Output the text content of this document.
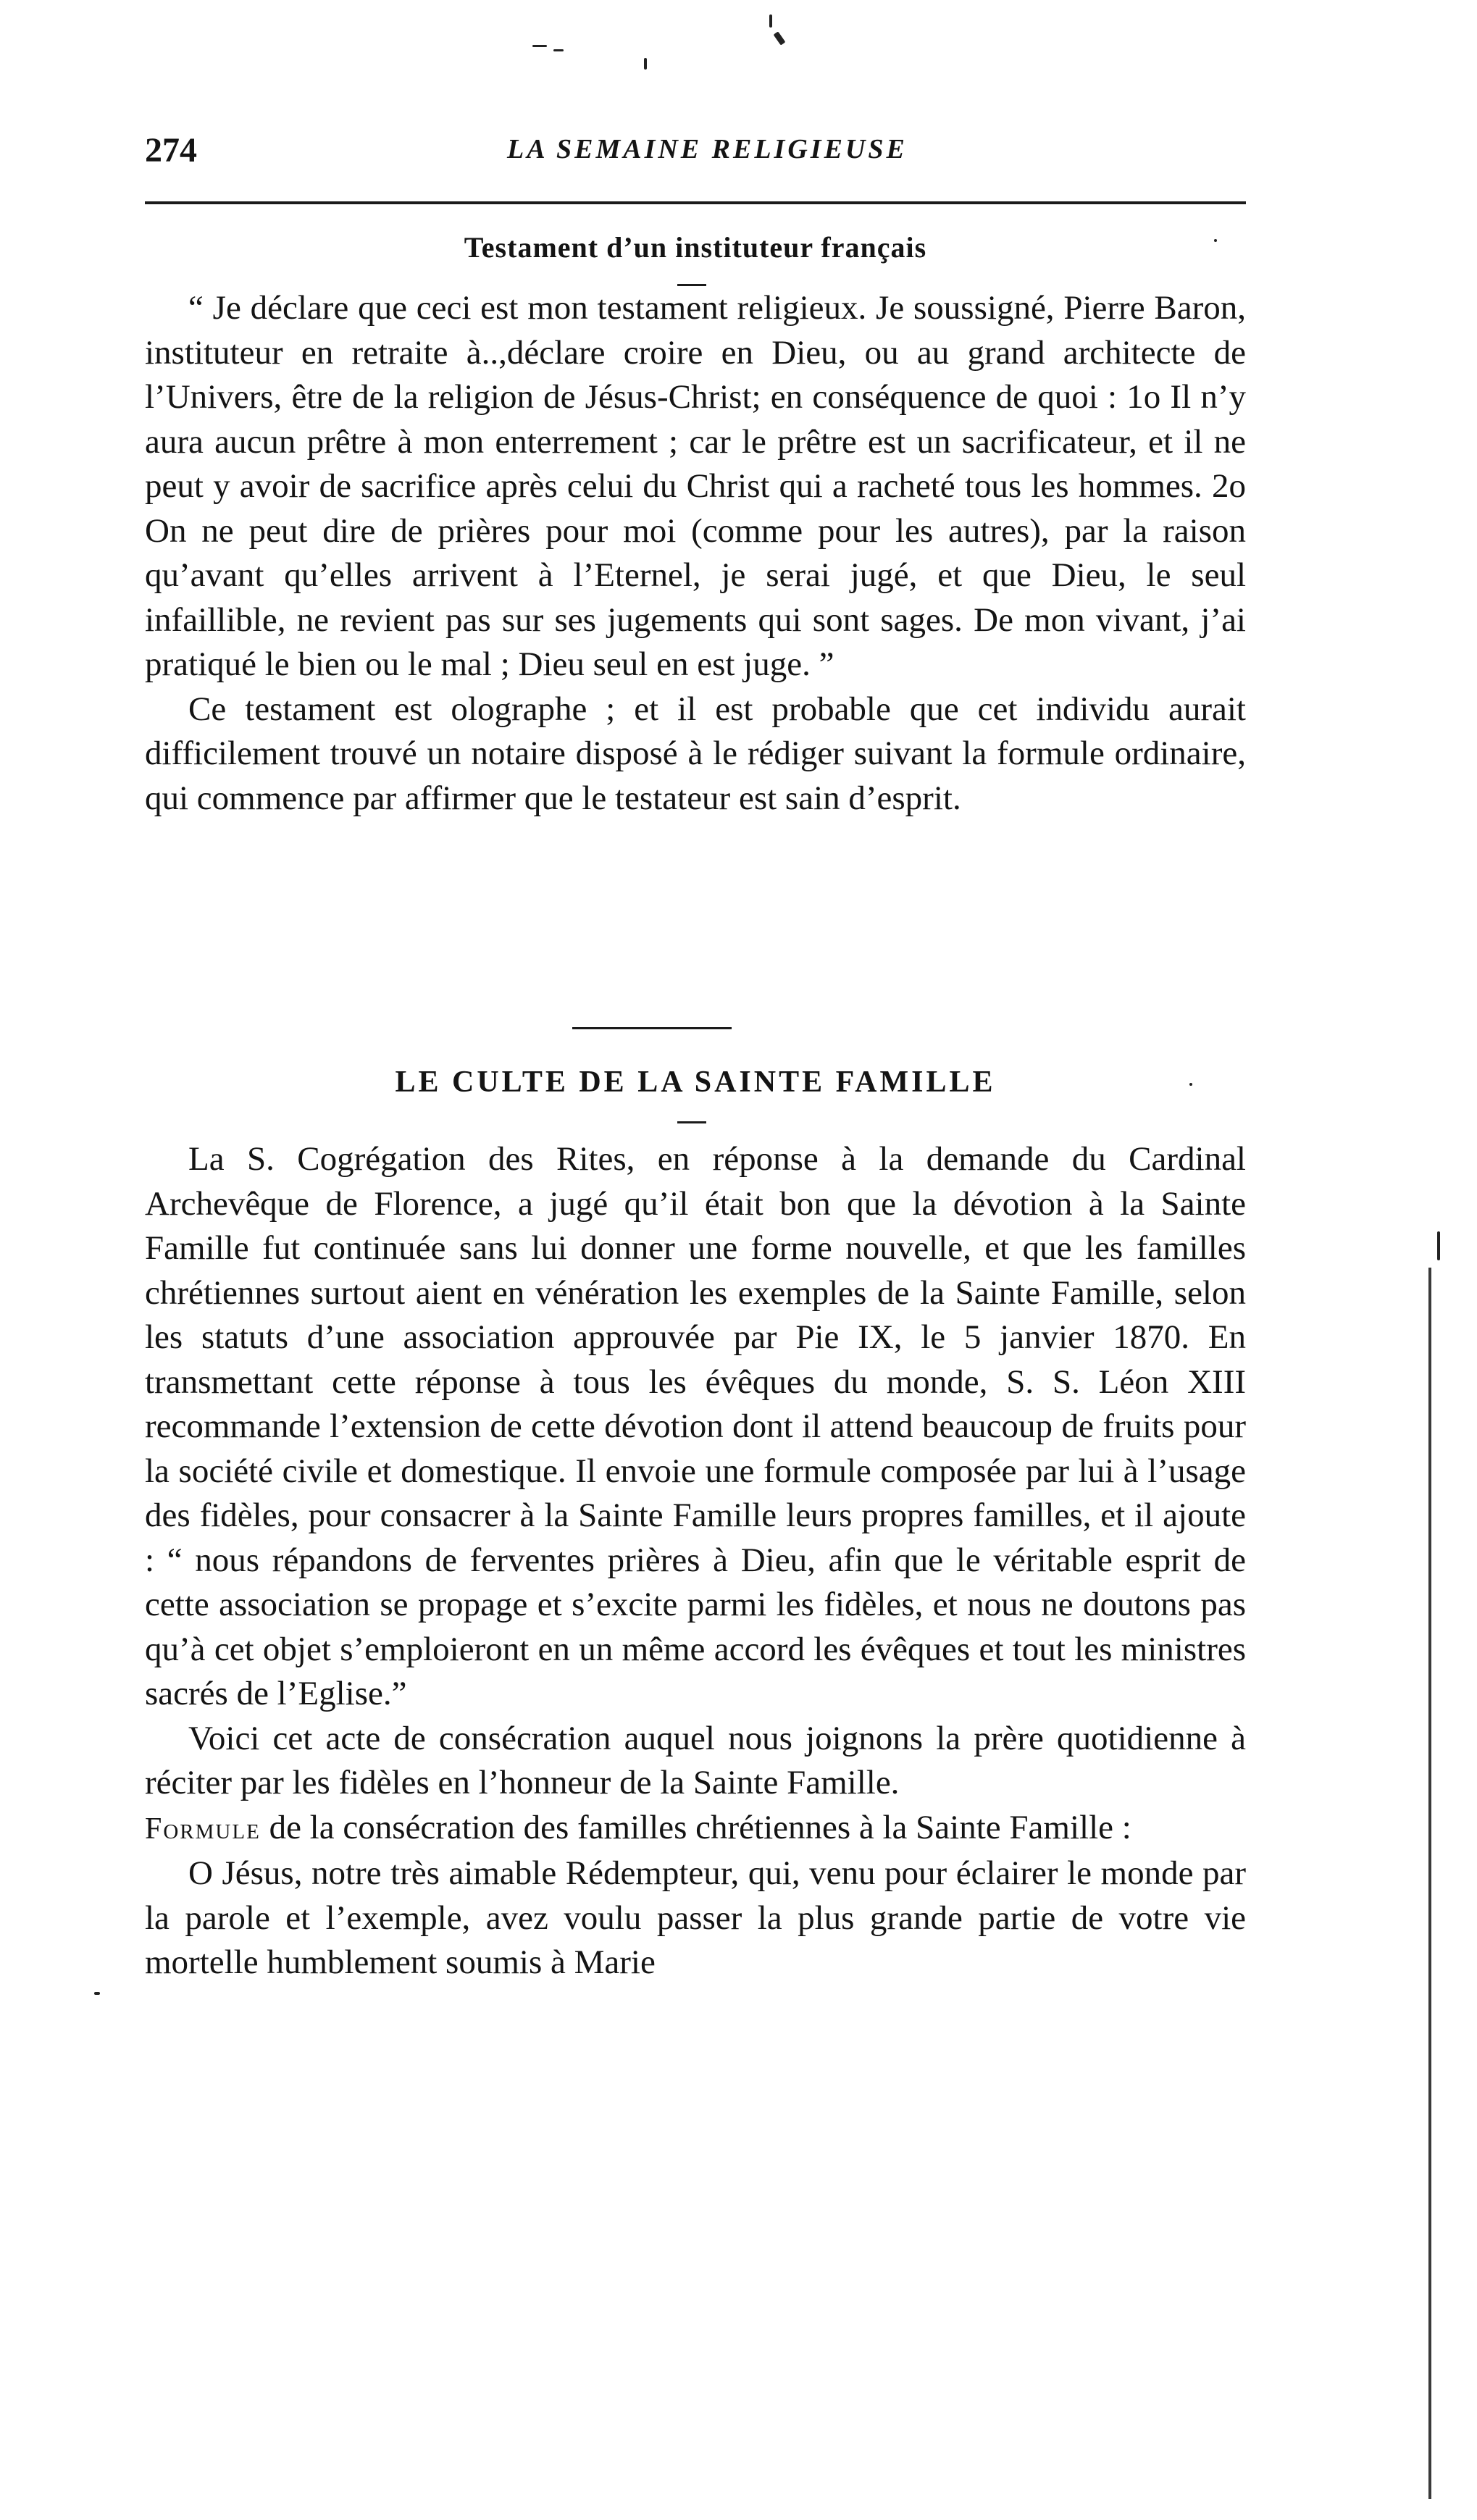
274	LA SEMAINE RELIGIEUSE
Testament d’un instituteur français

“ Je déclare que ceci est mon testament religieux. Je soussigné, Pierre Baron, instituteur en retraite à..,déclare croire en Dieu, ou au grand architecte de l’Univers, être de la religion de Jésus-Christ; en conséquence de quoi : 1o Il n’y aura aucun prêtre à mon enterrement ; car le prêtre est un sacrificateur, et il ne peut y avoir de sacrifice après celui du Christ qui a racheté tous les hommes. 2o On ne peut dire de prières pour moi (comme pour les autres), par la raison qu’avant qu’elles arrivent à l’Eternel, je serai jugé, et que Dieu, le seul infaillible, ne revient pas sur ses jugements qui sont sages. De mon vivant, j’ai pratiqué le bien ou le mal ; Dieu seul en est juge. ”

Ce testament est olographe ; et il est probable que cet individu aurait difficilement trouvé un notaire disposé à le rédiger suivant la formule ordinaire, qui commence par affirmer que le testateur est sain d’esprit.

LE CULTE DE LA SAINTE FAMILLE

La S. Cogrégation des Rites, en réponse à la demande du Cardinal Archevêque de Florence, a jugé qu’il était bon que la dévotion à la Sainte Famille fut continuée sans lui donner une forme nouvelle, et que les familles chrétiennes surtout aient en vénération les exemples de la Sainte Famille, selon les statuts d’une association approuvée par Pie IX, le 5 janvier 1870. En transmettant cette réponse à tous les évêques du monde, S. S. Léon XIII recommande l’extension de cette dévotion dont il attend beaucoup de fruits pour la société civile et domestique. Il envoie une formule composée par lui à l’usage des fidèles, pour consacrer à la Sainte Famille leurs propres familles, et il ajoute : “ nous répandons de ferventes prières à Dieu, afin que le véritable esprit de cette association se propage et s’excite parmi les fidèles, et nous ne doutons pas qu’à cet objet s’emploieront en un même accord les évêques et tout les ministres sacrés de l’Eglise.”

Voici cet acte de consécration auquel nous joignons la prère quotidienne à réciter par les fidèles en l’honneur de la Sainte Famille.

Formule de la consécration des familles chrétiennes à la Sainte Famille :

O Jésus, notre très aimable Rédempteur, qui, venu pour éclairer le monde par la parole et l’exemple, avez voulu passer la plus grande partie de votre vie mortelle humblement soumis à Marie
